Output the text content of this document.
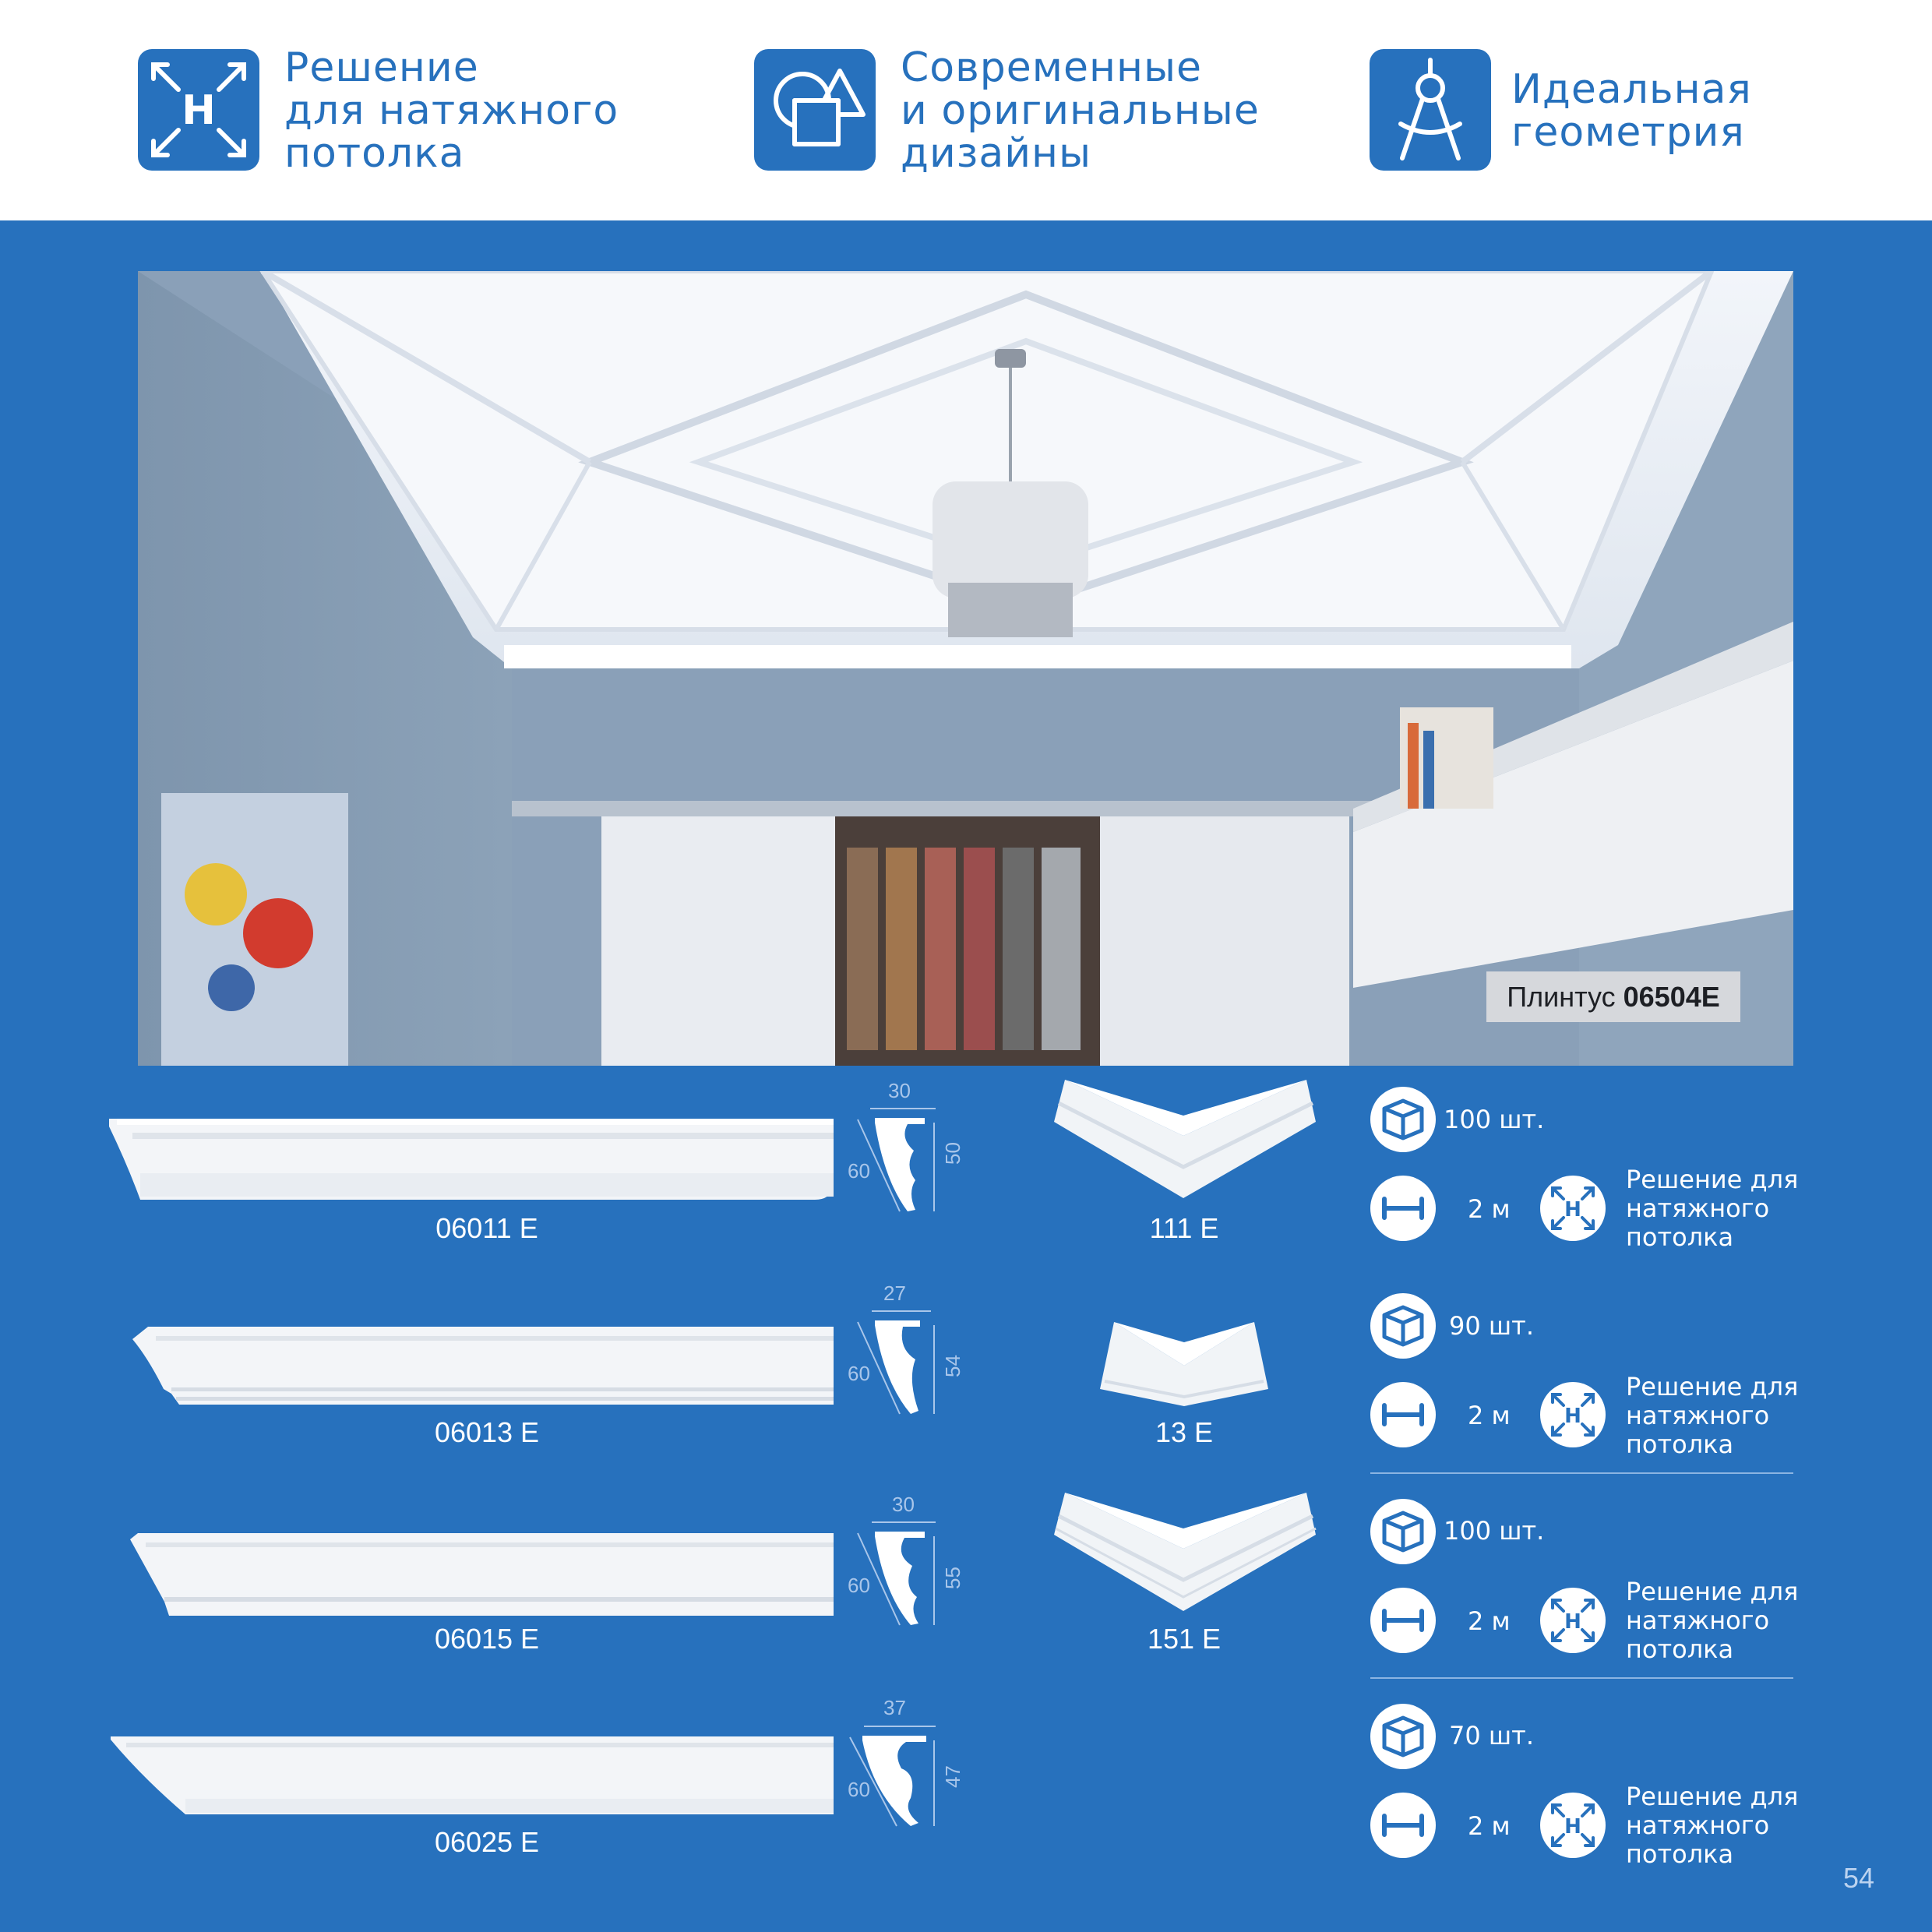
H
Решение
для натяжного
потолка
Современные
и оригинальные
дизайны
Идеальная
геометрия
Плинтус 06504E
30
60
50
06011 E	111 E
100 шт.
2 м	H
Решение для
натяжного
потолка
27
60	54
06013 E	13 E
90 шт.
2 м	H
Решение для
натяжного
потолка
30
60	55
06015 E	151 E
100 шт.
2 м	H
Решение для
натяжного
потолка
37
60
47
06025 E
70 шт.
2 м	H
Решение для
натяжного
потолка
54
